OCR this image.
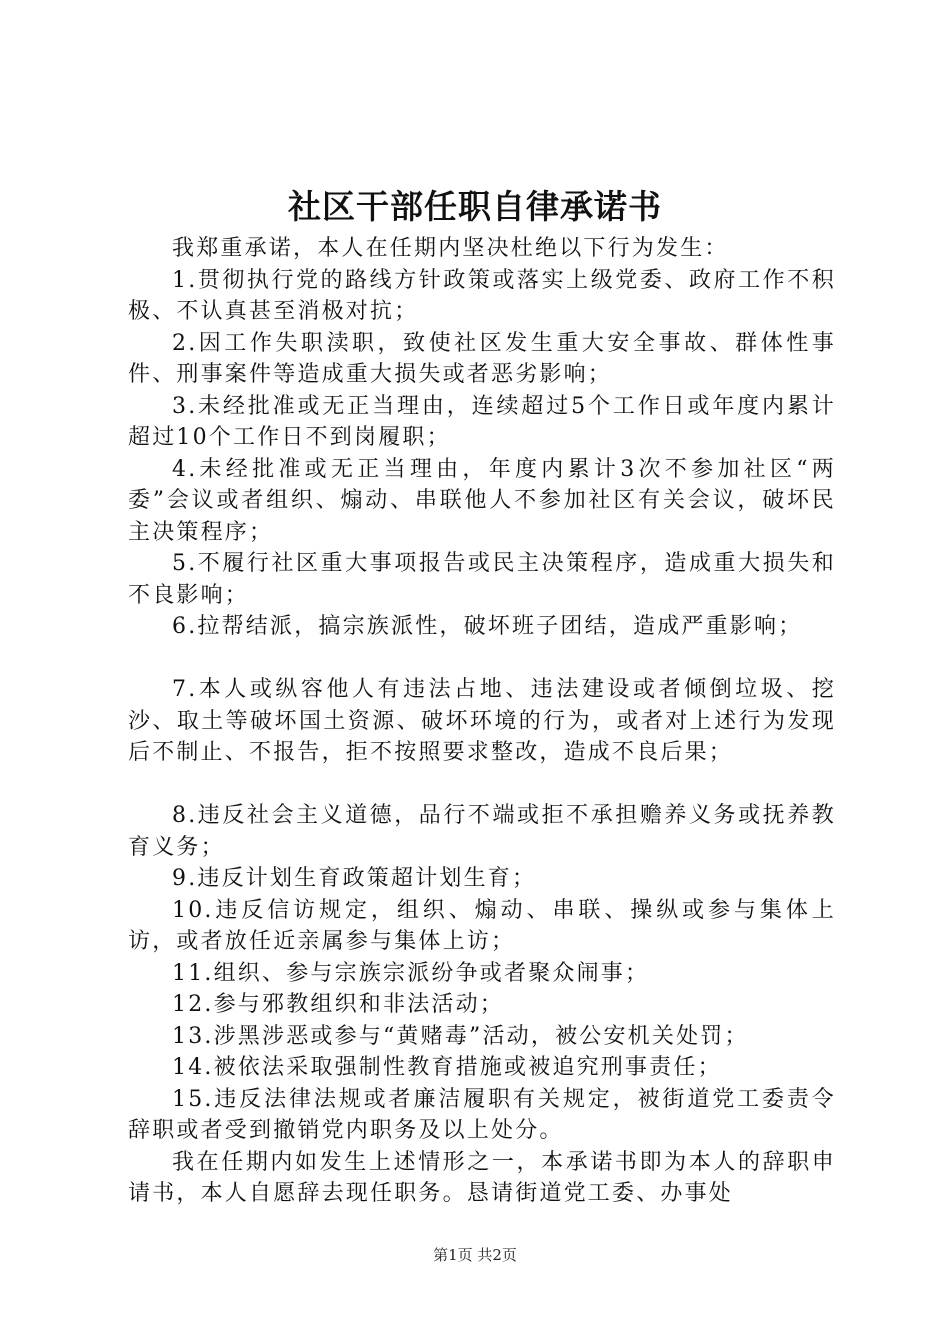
社区干部任职自律承诺书

我郑重承诺，本人在任期内坚决杜绝以下行为发生：

1.贯彻执行党的路线方针政策或落实上级党委、政府工作不积极、不认真甚至消极对抗；

2.因工作失职渎职，致使社区发生重大安全事故、群体性事件、刑事案件等造成重大损失或者恶劣影响；

3.未经批准或无正当理由，连续超过5个工作日或年度内累计超过10个工作日不到岗履职；

4.未经批准或无正当理由，年度内累计3次不参加社区“两委”会议或者组织、煽动、串联他人不参加社区有关会议，破坏民主决策程序；

5.不履行社区重大事项报告或民主决策程序，造成重大损失和不良影响；

6.拉帮结派，搞宗族派性，破坏班子团结，造成严重影响；

7.本人或纵容他人有违法占地、违法建设或者倾倒垃圾、挖沙、取土等破坏国土资源、破坏环境的行为，或者对上述行为发现后不制止、不报告，拒不按照要求整改，造成不良后果；

8.违反社会主义道德，品行不端或拒不承担赡养义务或抚养教育义务；

9.违反计划生育政策超计划生育；

10.违反信访规定，组织、煽动、串联、操纵或参与集体上访，或者放任近亲属参与集体上访；

11.组织、参与宗族宗派纷争或者聚众闹事；

12.参与邪教组织和非法活动；

13.涉黑涉恶或参与“黄赌毒”活动，被公安机关处罚；

14.被依法采取强制性教育措施或被追究刑事责任；

15.违反法律法规或者廉洁履职有关规定，被街道党工委责令辞职或者受到撤销党内职务及以上处分。

我在任期内如发生上述情形之一，本承诺书即为本人的辞职申请书，本人自愿辞去现任职务。恳请街道党工委、办事处

第1页 共2页
